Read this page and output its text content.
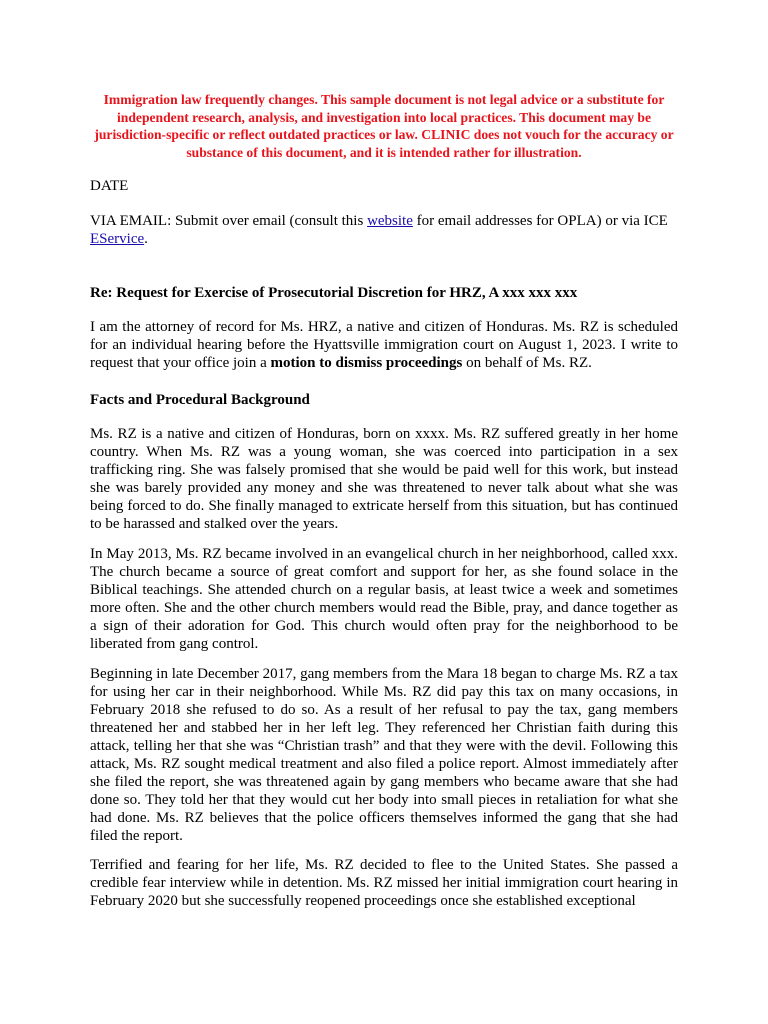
Immigration law frequently changes. This sample document is not legal advice or a substitute for independent research, analysis, and investigation into local practices. This document may be jurisdiction-specific or reflect outdated practices or law. CLINIC does not vouch for the accuracy or substance of this document, and it is intended rather for illustration.
DATE
VIA EMAIL: Submit over email (consult this website for email addresses for OPLA) or via ICE EService.
Re: Request for Exercise of Prosecutorial Discretion for HRZ, A xxx xxx xxx
I am the attorney of record for Ms. HRZ, a native and citizen of Honduras. Ms. RZ is scheduled for an individual hearing before the Hyattsville immigration court on August 1, 2023. I write to request that your office join a motion to dismiss proceedings on behalf of Ms. RZ.
Facts and Procedural Background
Ms. RZ is a native and citizen of Honduras, born on xxxx. Ms. RZ suffered greatly in her home country. When Ms. RZ was a young woman, she was coerced into participation in a sex trafficking ring. She was falsely promised that she would be paid well for this work, but instead she was barely provided any money and she was threatened to never talk about what she was being forced to do. She finally managed to extricate herself from this situation, but has continued to be harassed and stalked over the years.
In May 2013, Ms. RZ became involved in an evangelical church in her neighborhood, called xxx. The church became a source of great comfort and support for her, as she found solace in the Biblical teachings. She attended church on a regular basis, at least twice a week and sometimes more often. She and the other church members would read the Bible, pray, and dance together as a sign of their adoration for God. This church would often pray for the neighborhood to be liberated from gang control.
Beginning in late December 2017, gang members from the Mara 18 began to charge Ms. RZ a tax for using her car in their neighborhood. While Ms. RZ did pay this tax on many occasions, in February 2018 she refused to do so. As a result of her refusal to pay the tax, gang members threatened her and stabbed her in her left leg. They referenced her Christian faith during this attack, telling her that she was “Christian trash” and that they were with the devil. Following this attack, Ms. RZ sought medical treatment and also filed a police report. Almost immediately after she filed the report, she was threatened again by gang members who became aware that she had done so. They told her that they would cut her body into small pieces in retaliation for what she had done. Ms. RZ believes that the police officers themselves informed the gang that she had filed the report.
Terrified and fearing for her life, Ms. RZ decided to flee to the United States. She passed a credible fear interview while in detention. Ms. RZ missed her initial immigration court hearing in February 2020 but she successfully reopened proceedings once she established exceptional
